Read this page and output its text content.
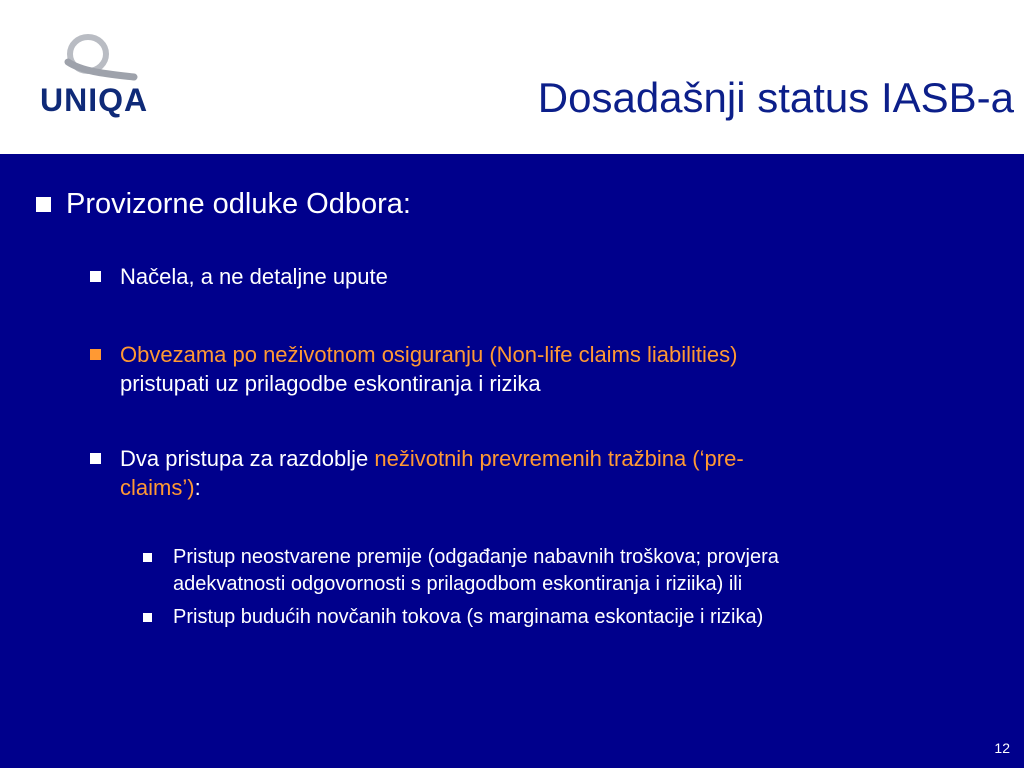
UNIQA	Dosadašnji status IASB-a
Provizorne odluke Odbora:
Načela, a ne detaljne upute
Obvezama po neživotnom osiguranju (Non-life claims liabilities)
pristupati uz prilagodbe eskontiranja i rizika
Dva pristupa za razdoblje neživotnih prevremenih tražbina (‘pre-
claims’):
Pristup neostvarene premije (odgađanje nabavnih troškova; provjera
adekvatnosti odgovornosti s prilagodbom eskontiranja i riziika) ili
Pristup budućih novčanih tokova (s marginama eskontacije i rizika)
12
